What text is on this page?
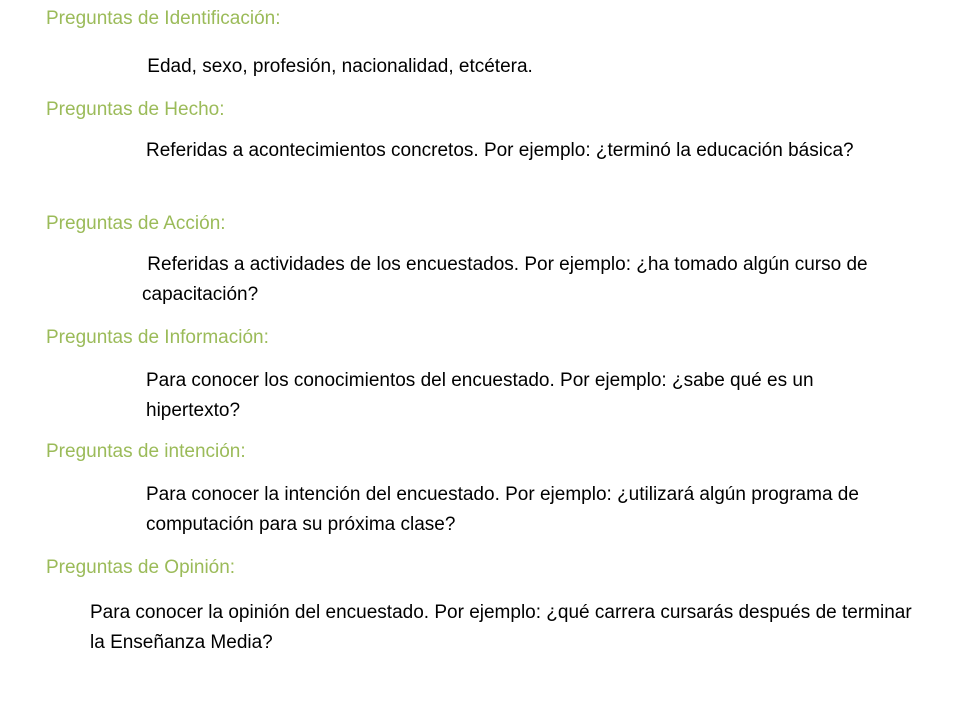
Preguntas de Identificación:
Edad, sexo, profesión, nacionalidad, etcétera.
Preguntas de Hecho:
Referidas a acontecimientos concretos. Por ejemplo: ¿terminó la educación básica?
Preguntas de Acción:
Referidas a actividades de los encuestados. Por ejemplo: ¿ha tomado algún curso de capacitación?
Preguntas de Información:
Para conocer los conocimientos del encuestado. Por ejemplo: ¿sabe qué es un hipertexto?
Preguntas de intención:
Para conocer la intención del encuestado. Por ejemplo: ¿utilizará algún programa de computación para su próxima clase?
Preguntas de Opinión:
Para conocer la opinión del encuestado. Por ejemplo: ¿qué carrera cursarás después de terminar la Enseñanza Media?
